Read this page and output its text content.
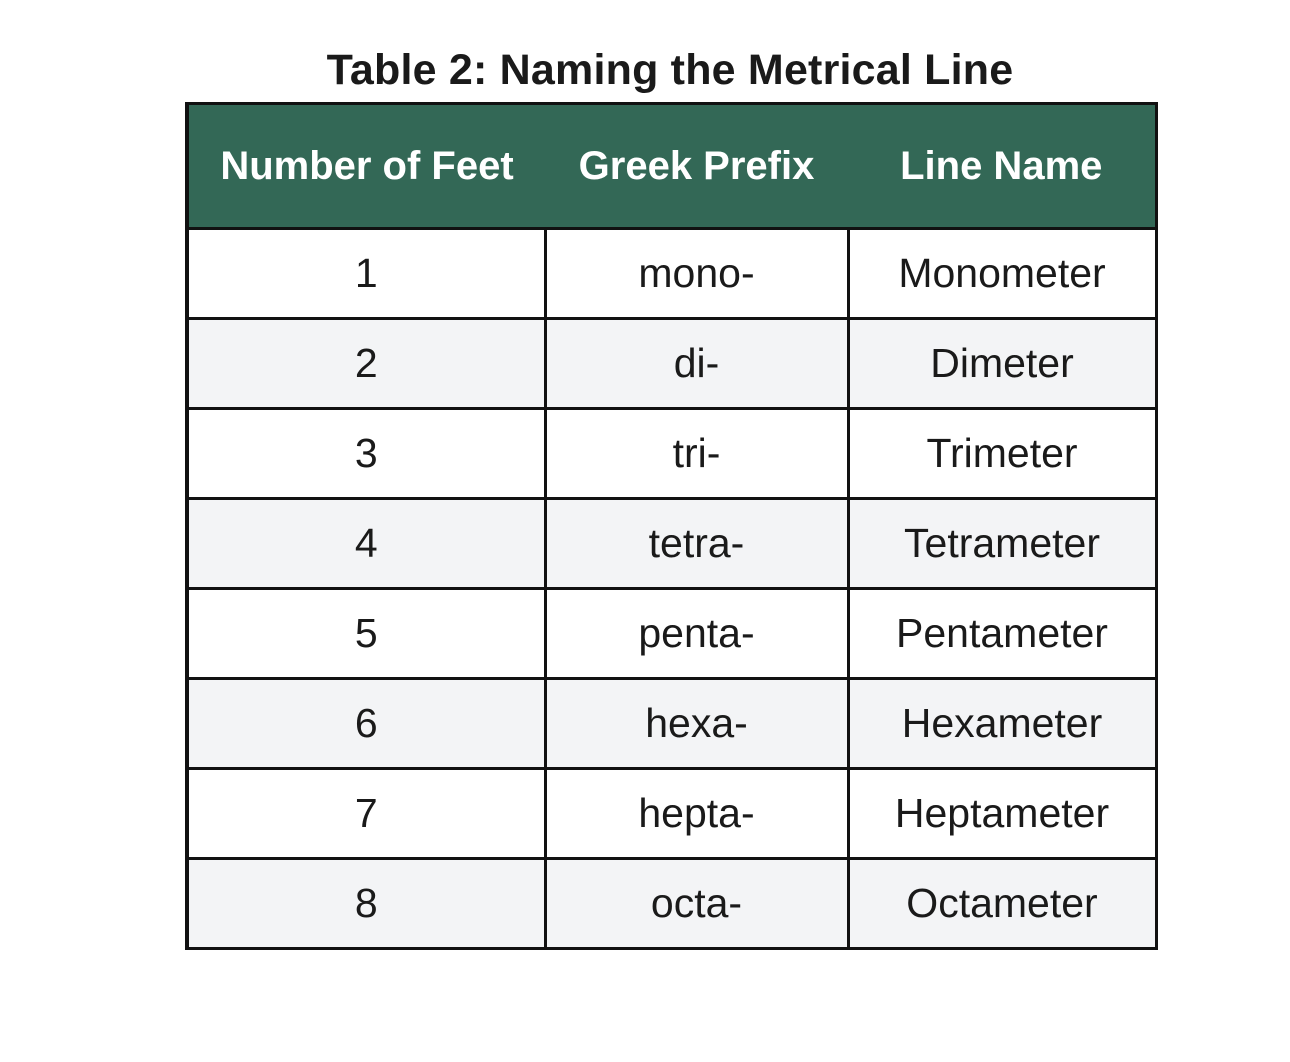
Table 2: Naming the Metrical Line
Number of Feet	Greek Prefix	Line Name
1	mono-	Monometer
2	di-	Dimeter
3	tri-	Trimeter
4	tetra-	Tetrameter
5	penta-	Pentameter
6	hexa-	Hexameter
7	hepta-	Heptameter
8	octa-	Octameter
